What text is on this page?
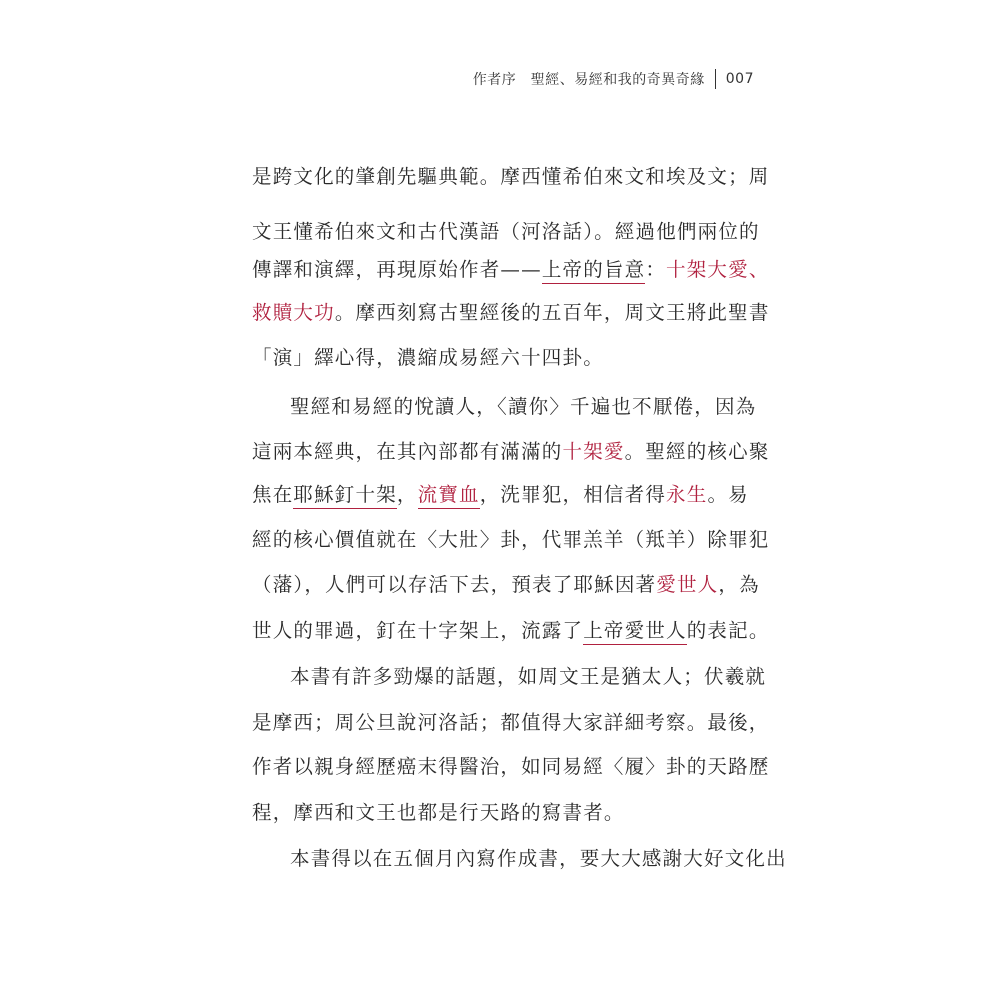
作者序　聖經、易經和我的奇異奇緣 007
是跨文化的肇創先驅典範。摩西懂希伯來文和埃及文；周
文王懂希伯來文和古代漢語（河洛話）。經過他們兩位的
傳譯和演繹，再現原始作者——上帝的旨意：十架大愛、
救贖大功。摩西刻寫古聖經後的五百年，周文王將此聖書
「演」繹心得，濃縮成易經六十四卦。
聖經和易經的悅讀人，〈讀你〉千遍也不厭倦，因為
這兩本經典，在其內部都有滿滿的十架愛。聖經的核心聚
焦在耶穌釘十架，流寶血，洗罪犯，相信者得永生。易
經的核心價值就在〈大壯〉卦，代罪羔羊（羝羊）除罪犯
（藩），人們可以存活下去，預表了耶穌因著愛世人，為
世人的罪過，釘在十字架上，流露了上帝愛世人的表記。
本書有許多勁爆的話題，如周文王是猶太人；伏羲就
是摩西；周公旦說河洛話；都值得大家詳細考察。最後，
作者以親身經歷癌末得醫治，如同易經〈履〉卦的天路歷
程，摩西和文王也都是行天路的寫書者。
本書得以在五個月內寫作成書，要大大感謝大好文化出
